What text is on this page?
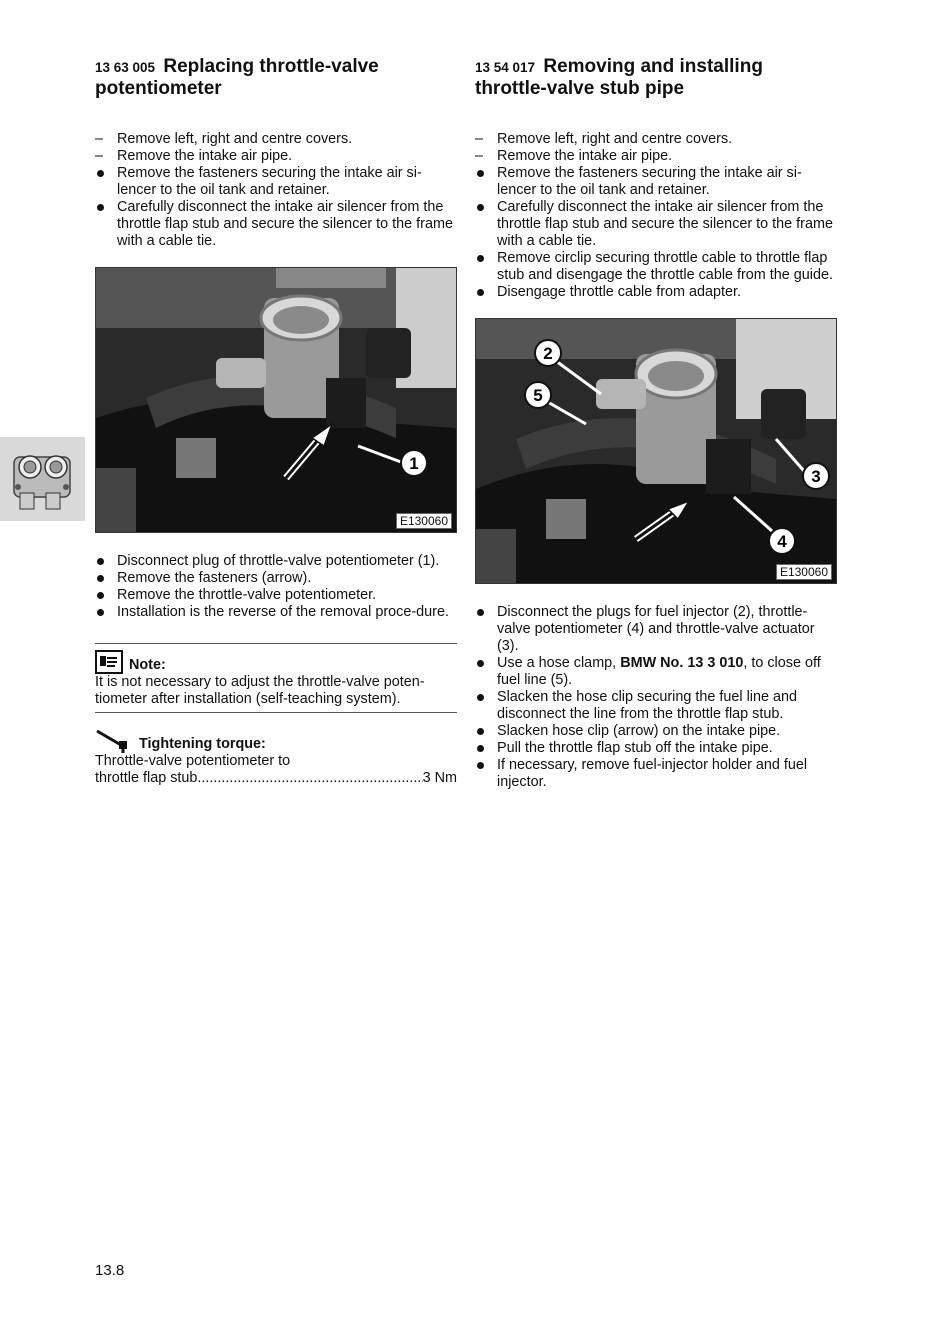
13 63 005 Replacing throttle-valve potentiometer
– Remove left, right and centre covers.
– Remove the intake air pipe.
Remove the fasteners securing the intake air si-lencer to the oil tank and retainer.
Carefully disconnect the intake air silencer from the throttle flap stub and secure the silencer to the frame with a cable tie.
1
E130060
Disconnect plug of throttle-valve potentiometer (1).
Remove the fasteners (arrow).
Remove the throttle-valve potentiometer.
Installation is the reverse of the removal proce-dure.
Note:
It is not necessary to adjust the throttle-valve poten-tiometer after installation (self-teaching system).
Tightening torque:
Throttle-valve potentiometer to
throttle flap stub
.....	3 Nm
13 54 017 Removing and installing throttle-valve stub pipe
– Remove left, right and centre covers.
– Remove the intake air pipe.
Remove the fasteners securing the intake air si-lencer to the oil tank and retainer.
Carefully disconnect the intake air silencer from the throttle flap stub and secure the silencer to the frame with a cable tie.
Remove circlip securing throttle cable to throttle flap stub and disengage the throttle cable from the guide.
Disengage throttle cable from adapter.
2
5
3
4
E130060
Disconnect the plugs for fuel injector (2), throttle-valve potentiometer (4) and throttle-valve actuator (3).
Use a hose clamp, BMW No. 13 3 010, to close off fuel line (5).
Slacken the hose clip securing the fuel line and disconnect the line from the throttle flap stub.
Slacken hose clip (arrow) on the intake pipe.
Pull the throttle flap stub off the intake pipe.
If necessary, remove fuel-injector holder and fuel injector.
13.8
